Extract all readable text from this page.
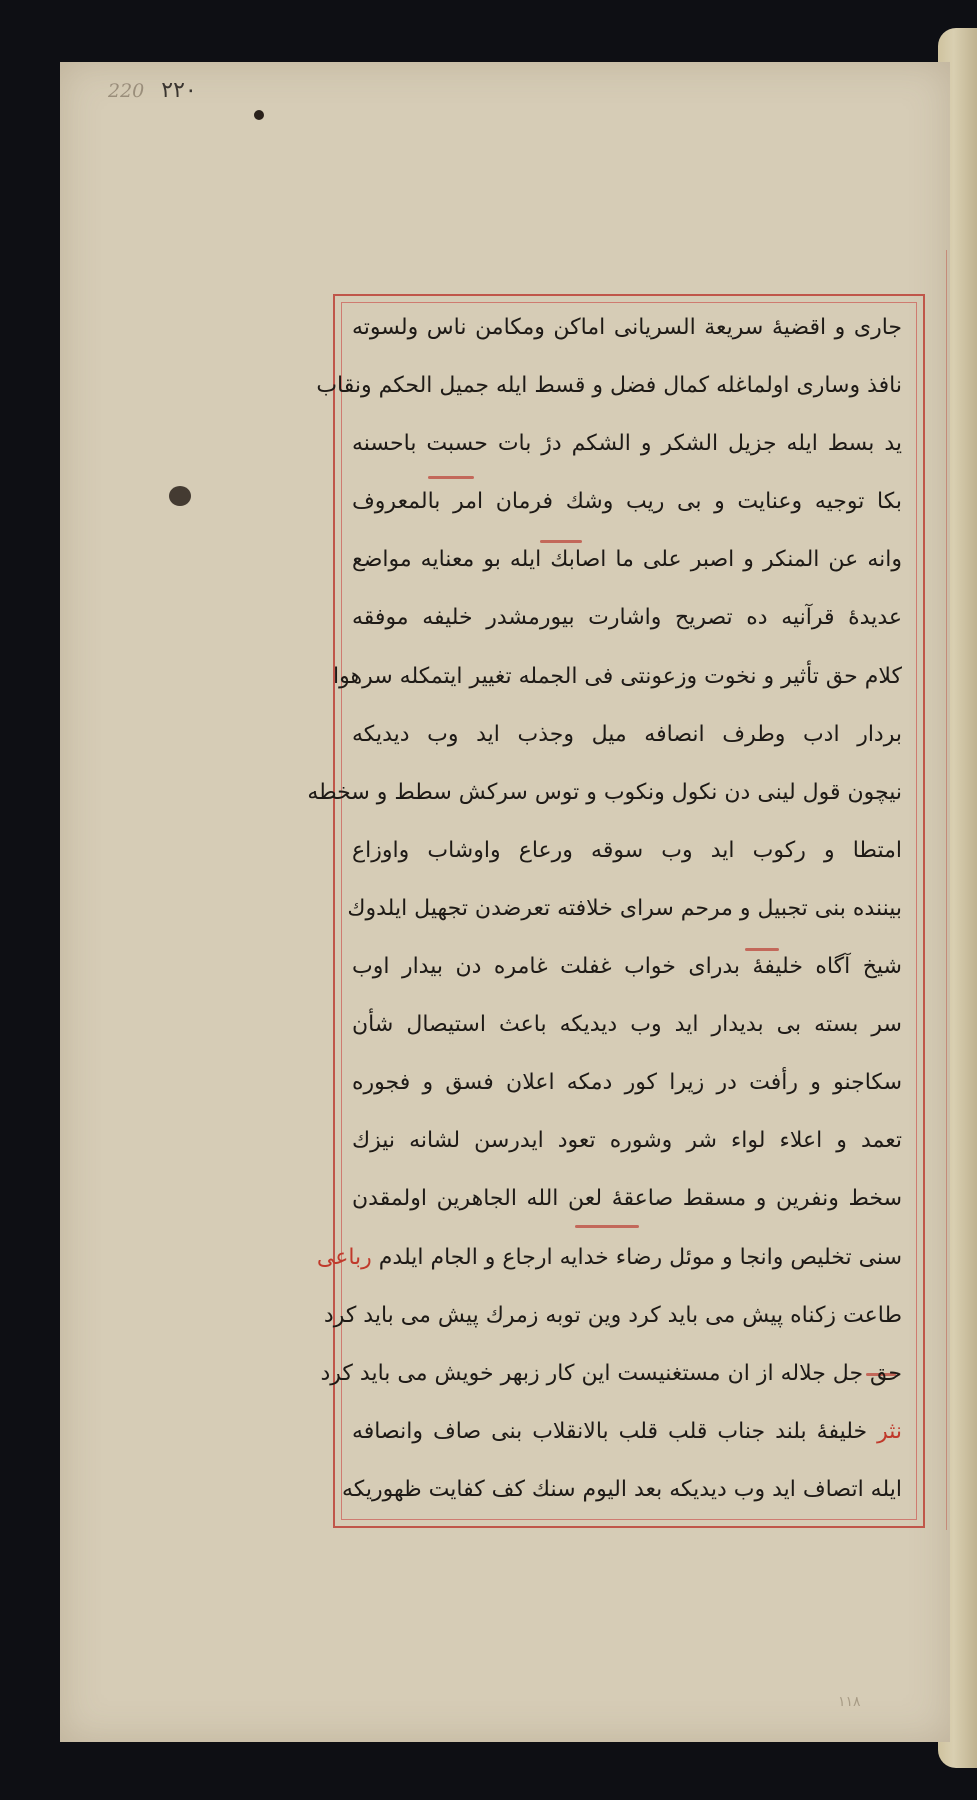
٢٢٠ 220
جاری و اقضیهٔ سریعة السریانی اماکن ومکامن ناس ولسوته
نافذ وساری اولماغله کمال فضل و قسط ایله جمیل الحکم ونقاب
ید بسط ایله جزیل الشکر و الشکم درٔ بات حسبت باحسنه
بکا توجیه وعنایت و بی ریب وشك فرمان امر بالمعروف
وانه عن المنکر و اصبر علی ما اصابك ایله بو معنایه مواضع
عدیدهٔ قرآنیه ده تصریح واشارت بیورمشدر خلیفه موفقه
کلام حق تأثیر و نخوت وزعونتی فی الجمله تغییر ایتمکله سرهوا
بردار ادب وطرف انصافه میل وجذب اید وب دیدیکه
نیچون قول لینی دن نکول ونکوب و توس سرکش سطط و سخطه
امتطا و رکوب اید وب سوقه ورعاع واوشاب واوزاع
بیننده بنی تجبیل و مرحم سرای خلافته تعرضدن تجهیل ایلدوك
شیخ آگاه خلیفهٔ بدرای خواب غفلت غامره دن بیدار اوب
سر بسته بی بدیدار اید وب دیدیکه باعث استیصال شأن
سکاجنو و رأفت در زیرا کور دمکه اعلان فسق و فجوره
تعمد و اعلاء لواء شر وشوره تعود ایدرسن لشانه نیزك
سخط ونفرین و مسقط صاعقهٔ لعن الله الجاهرین اولمقدن
سنی تخلیص وانجا و موئل رضاء خدایه ارجاع و الجام ایلدم رباعی
طاعت زکناه پیش می باید کرد وین توبه زمرك پیش می باید کرد
حق جل جلاله از ان مستغنیست این کار زبهر خویش می باید کرد
نثر خلیفهٔ بلند جناب قلب قلب بالانقلاب بنی صاف وانصافه
ایله اتصاف اید وب دیدیکه بعد الیوم سنك کف کفایت ظهوریکه
١١٨
